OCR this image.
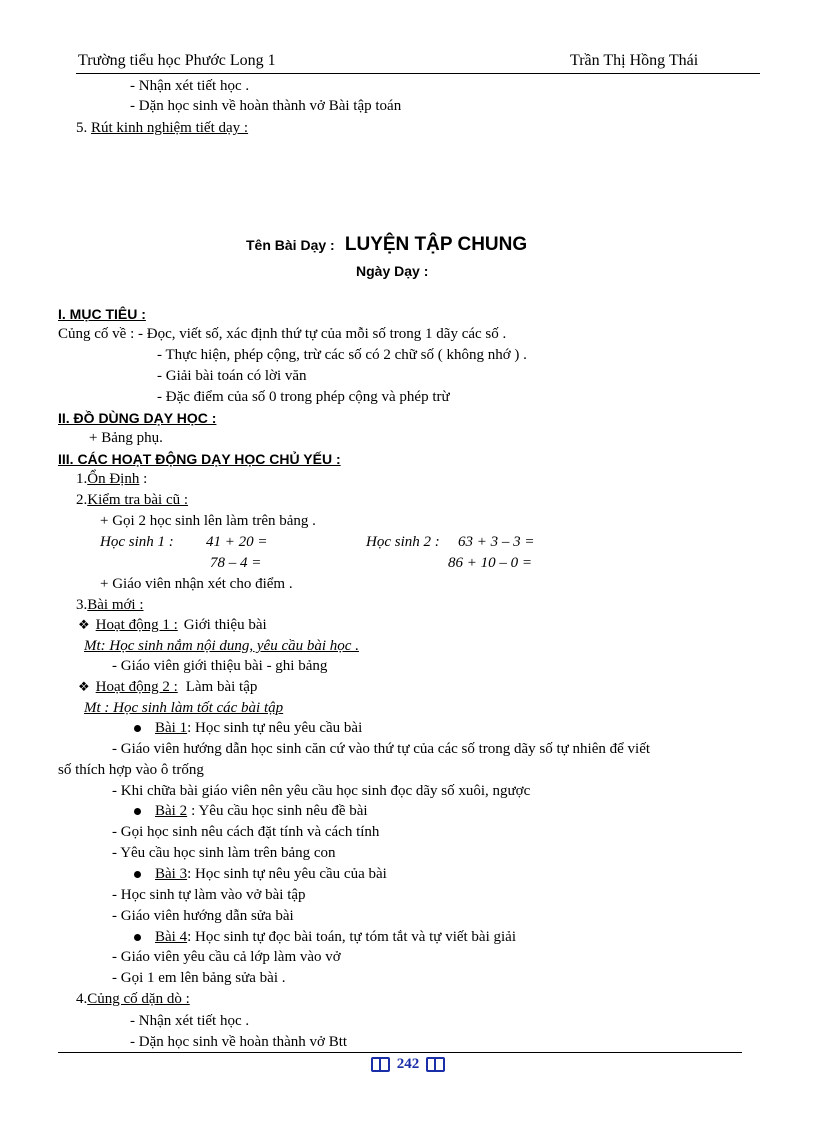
Trường tiểu học Phước Long 1	Trần Thị Hồng Thái
- Nhận xét tiết học .
- Dặn học sinh về hoàn thành vở Bài tập toán
5. Rút kinh nghiệm tiết dạy :
Tên Bài Dạy : LUYỆN TẬP CHUNG
Ngày Dạy :
I. MỤC TIÊU :
Củng cố về : - Đọc, viết số, xác định thứ tự của mỗi số trong 1 dãy các số .
- Thực hiện, phép cộng, trừ các số có 2 chữ số ( không nhớ ) .
- Giải bài toán có lời văn
- Đặc điểm của số 0 trong phép cộng và phép trừ
II. ĐỒ DÙNG DẠY HỌC :
+ Bảng phụ.
III. CÁC HOẠT ĐỘNG DẠY HỌC CHỦ YẾU :
1.Ổn Định :
2.Kiểm tra bài cũ :
+ Gọi 2 học sinh lên làm trên bảng .
Học sinh 1 : 41 + 20 =	Học sinh 2 : 63 + 3 – 3 =
78 – 4 =	86 + 10 – 0 =
+ Giáo viên nhận xét cho điểm .
3.Bài mới :
❖ Hoạt động 1 : Giới thiệu bài
Mt: Học sinh nắm nội dung, yêu cầu bài học .
- Giáo viên giới thiệu bài - ghi bảng
❖ Hoạt động 2 : Làm bài tập
Mt : Học sinh làm tốt các bài tập
Bài 1: Học sinh tự nêu yêu cầu bài
- Giáo viên hướng dẫn học sinh căn cứ vào thứ tự của các số trong dãy số tự nhiên để viết
số thích hợp vào ô trống
- Khi chữa bài giáo viên nên yêu cầu học sinh đọc dãy số xuôi, ngược
Bài 2 : Yêu cầu học sinh nêu đề bài
- Gọi học sinh nêu cách đặt tính và cách tính
- Yêu cầu học sinh làm trên bảng con
Bài 3: Học sinh tự nêu yêu cầu của bài
- Học sinh tự làm vào vở bài tập
- Giáo viên hướng dẫn sửa bài
Bài 4: Học sinh tự đọc bài toán, tự tóm tắt và tự viết bài giải
- Giáo viên yêu cầu cả lớp làm vào vở
- Gọi 1 em lên bảng sửa bài .
4.Củng cố dặn dò :
- Nhận xét tiết học .
- Dặn học sinh về hoàn thành vở Btt
242
